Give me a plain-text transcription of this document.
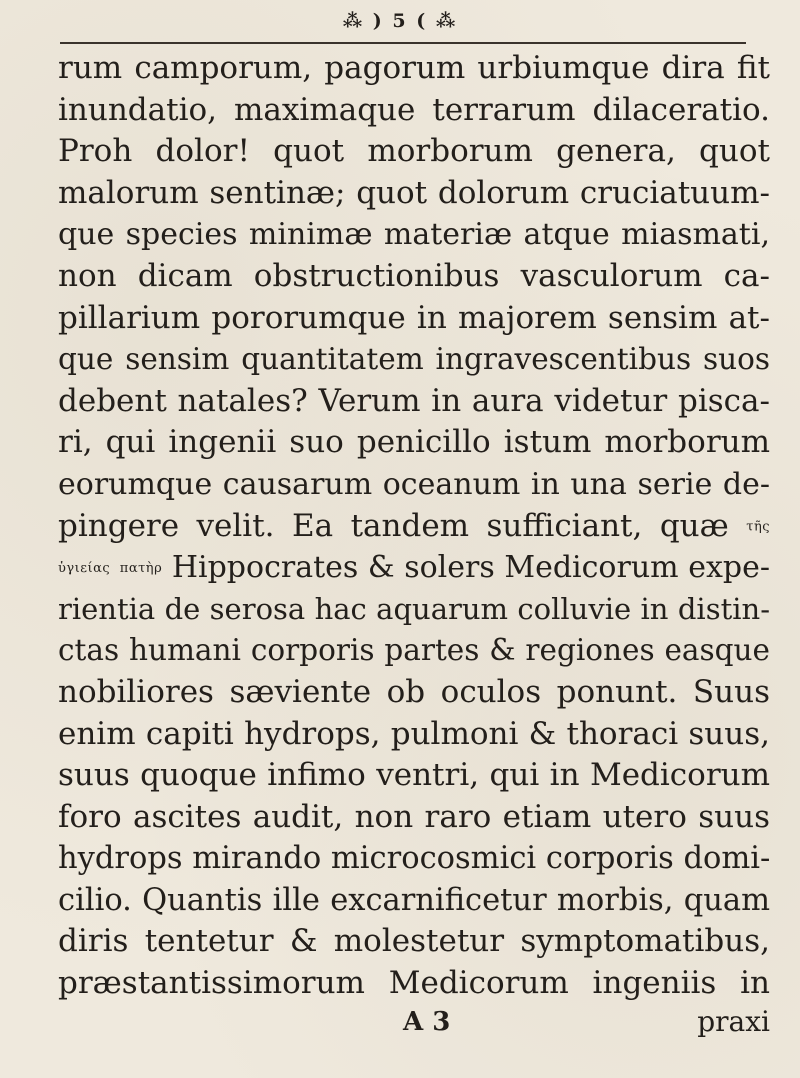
⁂ ) 5 ( ⁂
rum camporum, pagorum urbiumque dira fit
inundatio, maximaque terrarum dilaceratio.
Proh dolor! quot morborum genera, quot
malorum sentinæ; quot dolorum cruciatuum-
que species minimæ materiæ atque miasmati,
non dicam obstructionibus vasculorum ca-
pillarium pororumque in majorem sensim at-
que sensim quantitatem ingravescentibus suos
debent natales? Verum in aura videtur pisca-
ri, qui ingenii suo penicillo istum morborum
eorumque causarum oceanum in una serie de-
pingere velit. Ea tandem sufficiant, quæ τῆς
ὑγιείας πατὴρ Hippocrates & solers Medicorum expe-
rientia de serosa hac aquarum colluvie in distin-
ctas humani corporis partes & regiones easque
nobiliores sæviente ob oculos ponunt. Suus
enim capiti hydrops, pulmoni & thoraci suus,
suus quoque infimo ventri, qui in Medicorum
foro ascites audit, non raro etiam utero suus
hydrops mirando microcosmici corporis domi-
cilio. Quantis ille excarnificetur morbis, quam
diris tentetur & molestetur symptomatibus,
præstantissimorum Medicorum ingeniis in
A 3	praxi
